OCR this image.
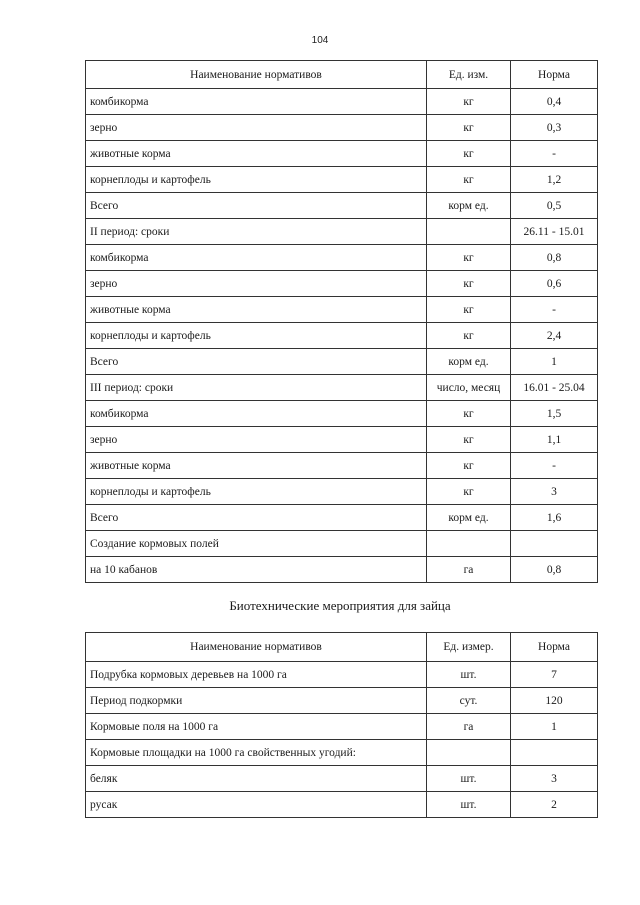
104
Наименование нормативов	Ед. изм.	Норма
комбикорма	кг	0,4
зерно	кг	0,3
животные корма	кг	-
корнеплоды и картофель	кг	1,2
Всего	корм ед.	0,5
II период: сроки		26.11 - 15.01
комбикорма	кг	0,8
зерно	кг	0,6
животные корма	кг	-
корнеплоды и картофель	кг	2,4
Всего	корм ед.	1
III период: сроки	число, месяц	16.01 - 25.04
комбикорма	кг	1,5
зерно	кг	1,1
животные корма	кг	-
корнеплоды и картофель	кг	3
Всего	корм ед.	1,6
Создание кормовых полей		
на 10 кабанов	га	0,8
Биотехнические мероприятия для зайца
Наименование нормативов	Ед. измер.	Норма
Подрубка кормовых деревьев на 1000 га	шт.	7
Период подкормки	сут.	120
Кормовые поля на 1000 га	га	1
Кормовые площадки на 1000 га свойственных угодий:		
беляк	шт.	3
русак	шт.	2
